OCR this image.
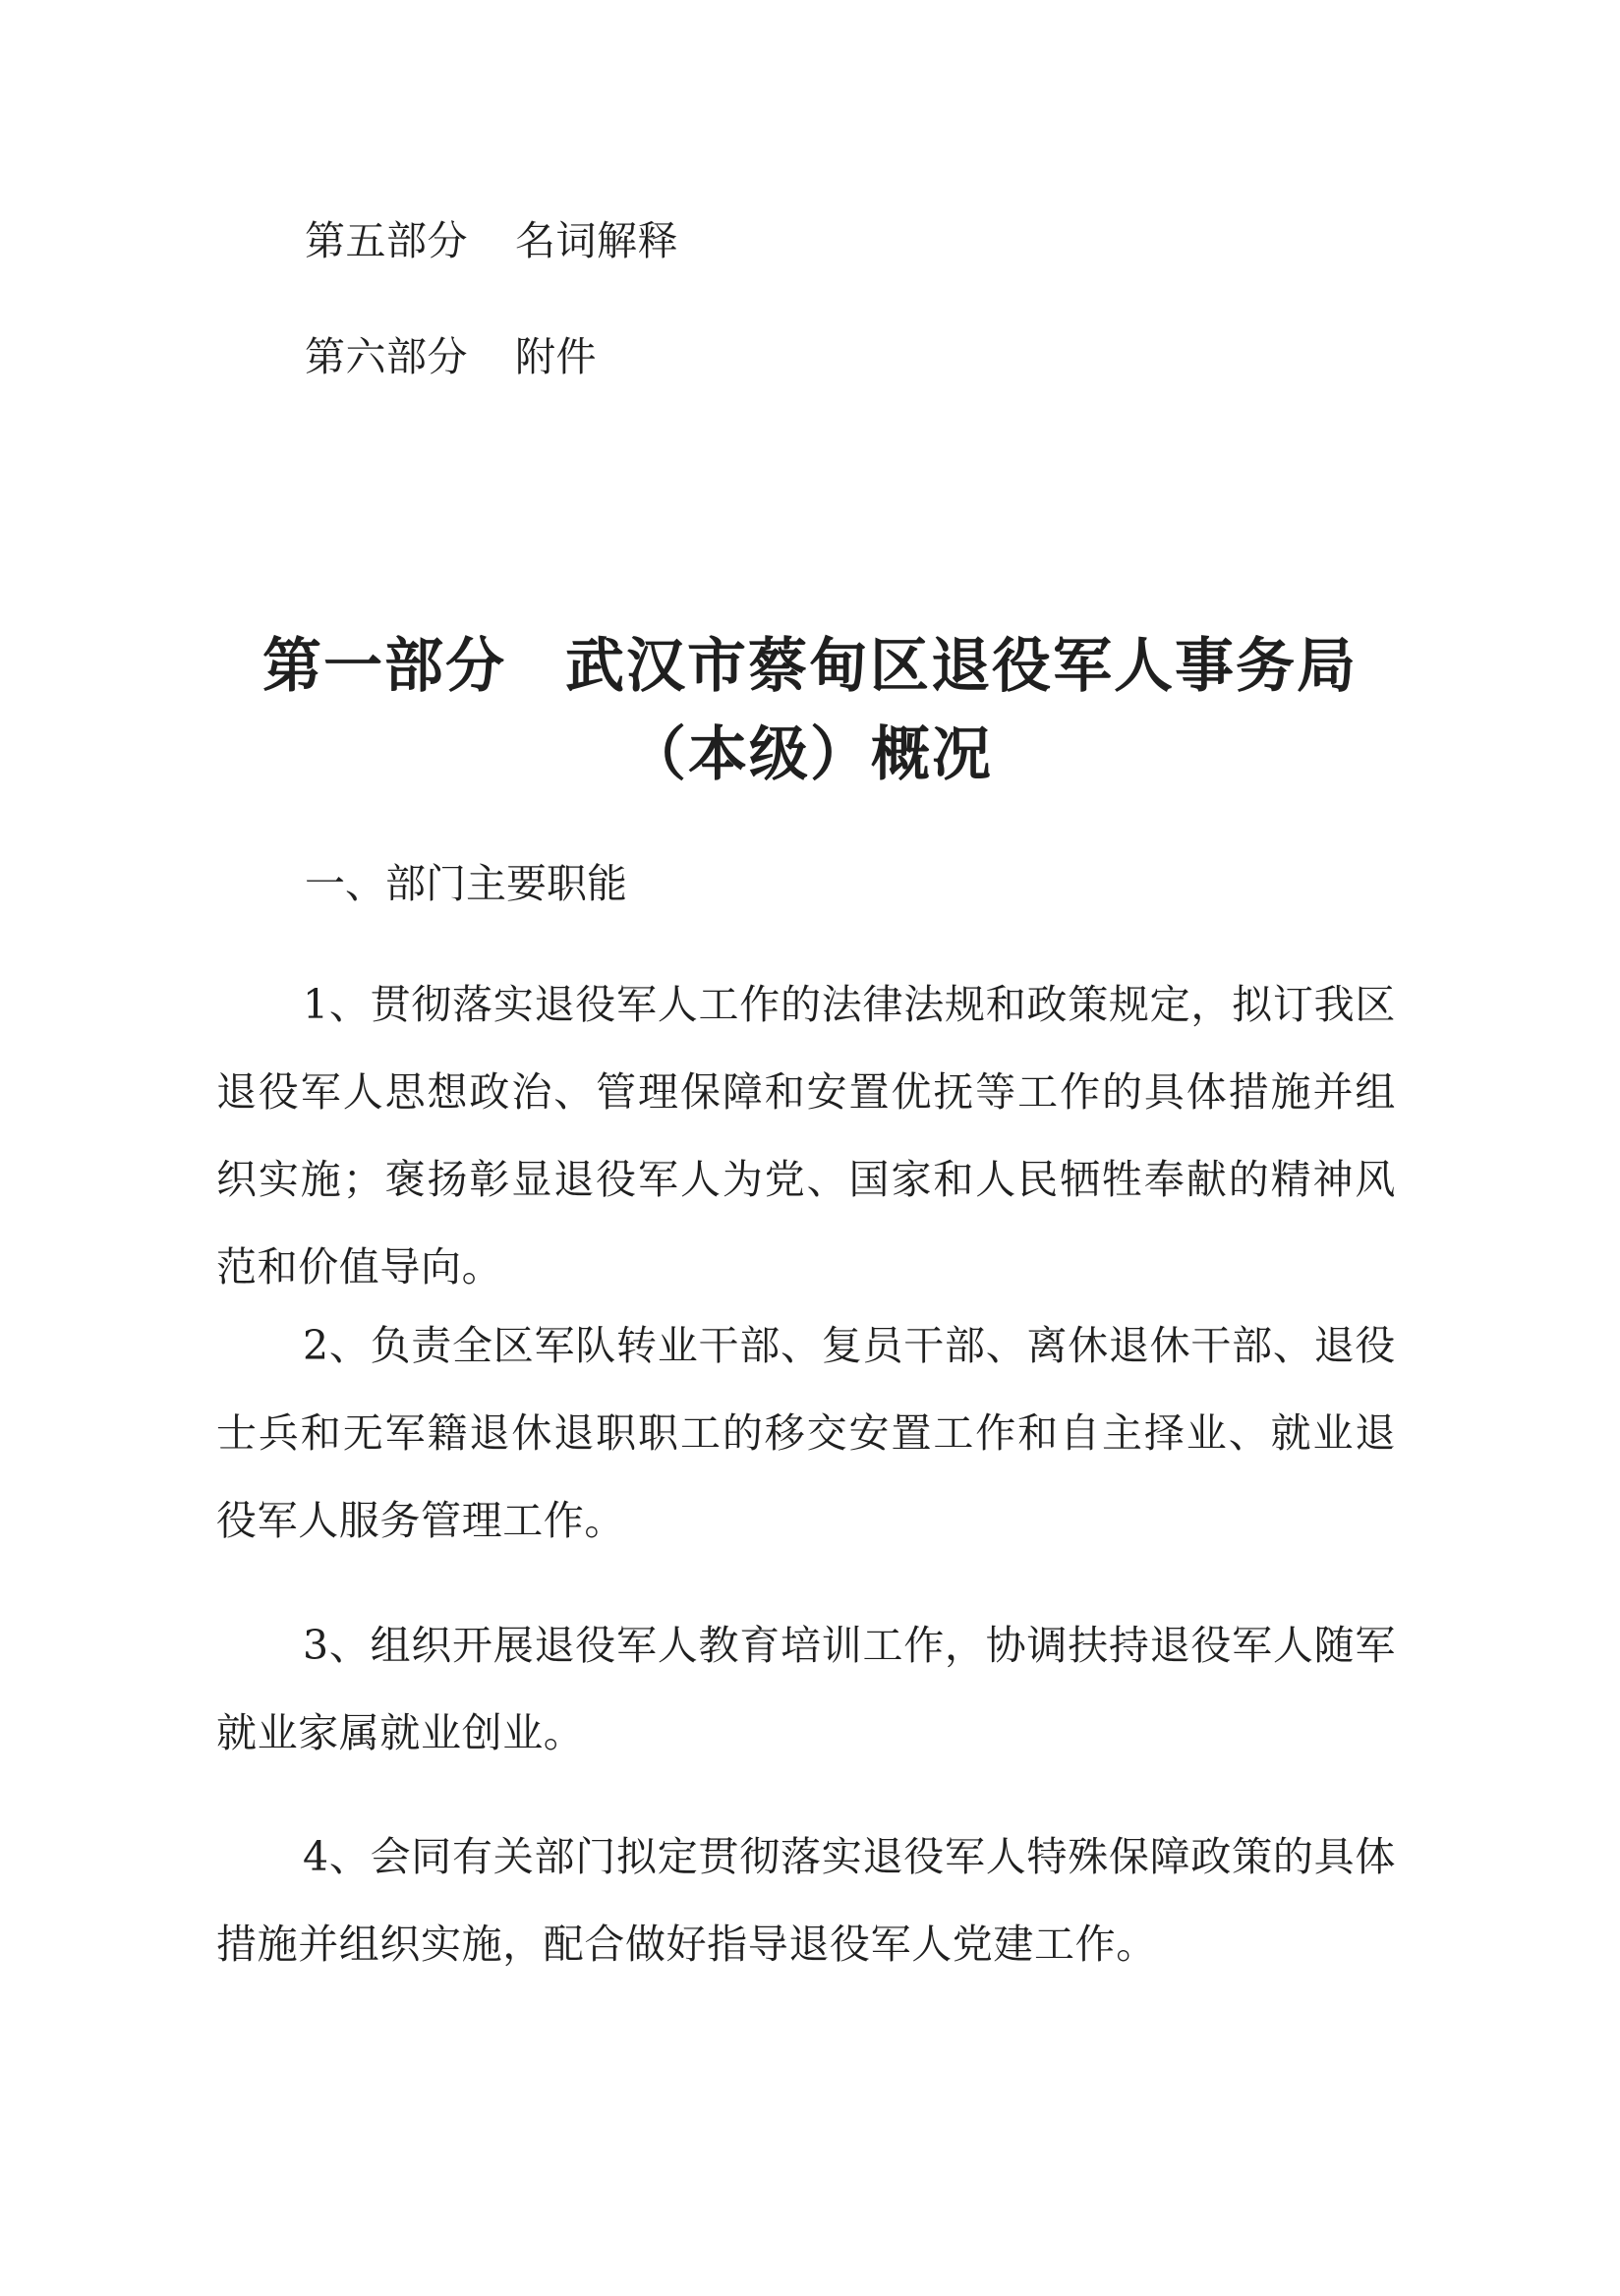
第五部分 名词解释
第六部分 附件
第一部分 武汉市蔡甸区退役军人事务局
（本级）概况
一、部门主要职能

1、贯彻落实退役军人工作的法律法规和政策规定，拟订我区退役军人思想政治、管理保障和安置优抚等工作的具体措施并组织实施；褒扬彰显退役军人为党、国家和人民牺牲奉献的精神风范和价值导向。

2、负责全区军队转业干部、复员干部、离休退休干部、退役士兵和无军籍退休退职职工的移交安置工作和自主择业、就业退役军人服务管理工作。

3、组织开展退役军人教育培训工作，协调扶持退役军人随军就业家属就业创业。

4、会同有关部门拟定贯彻落实退役军人特殊保障政策的具体措施并组织实施，配合做好指导退役军人党建工作。
